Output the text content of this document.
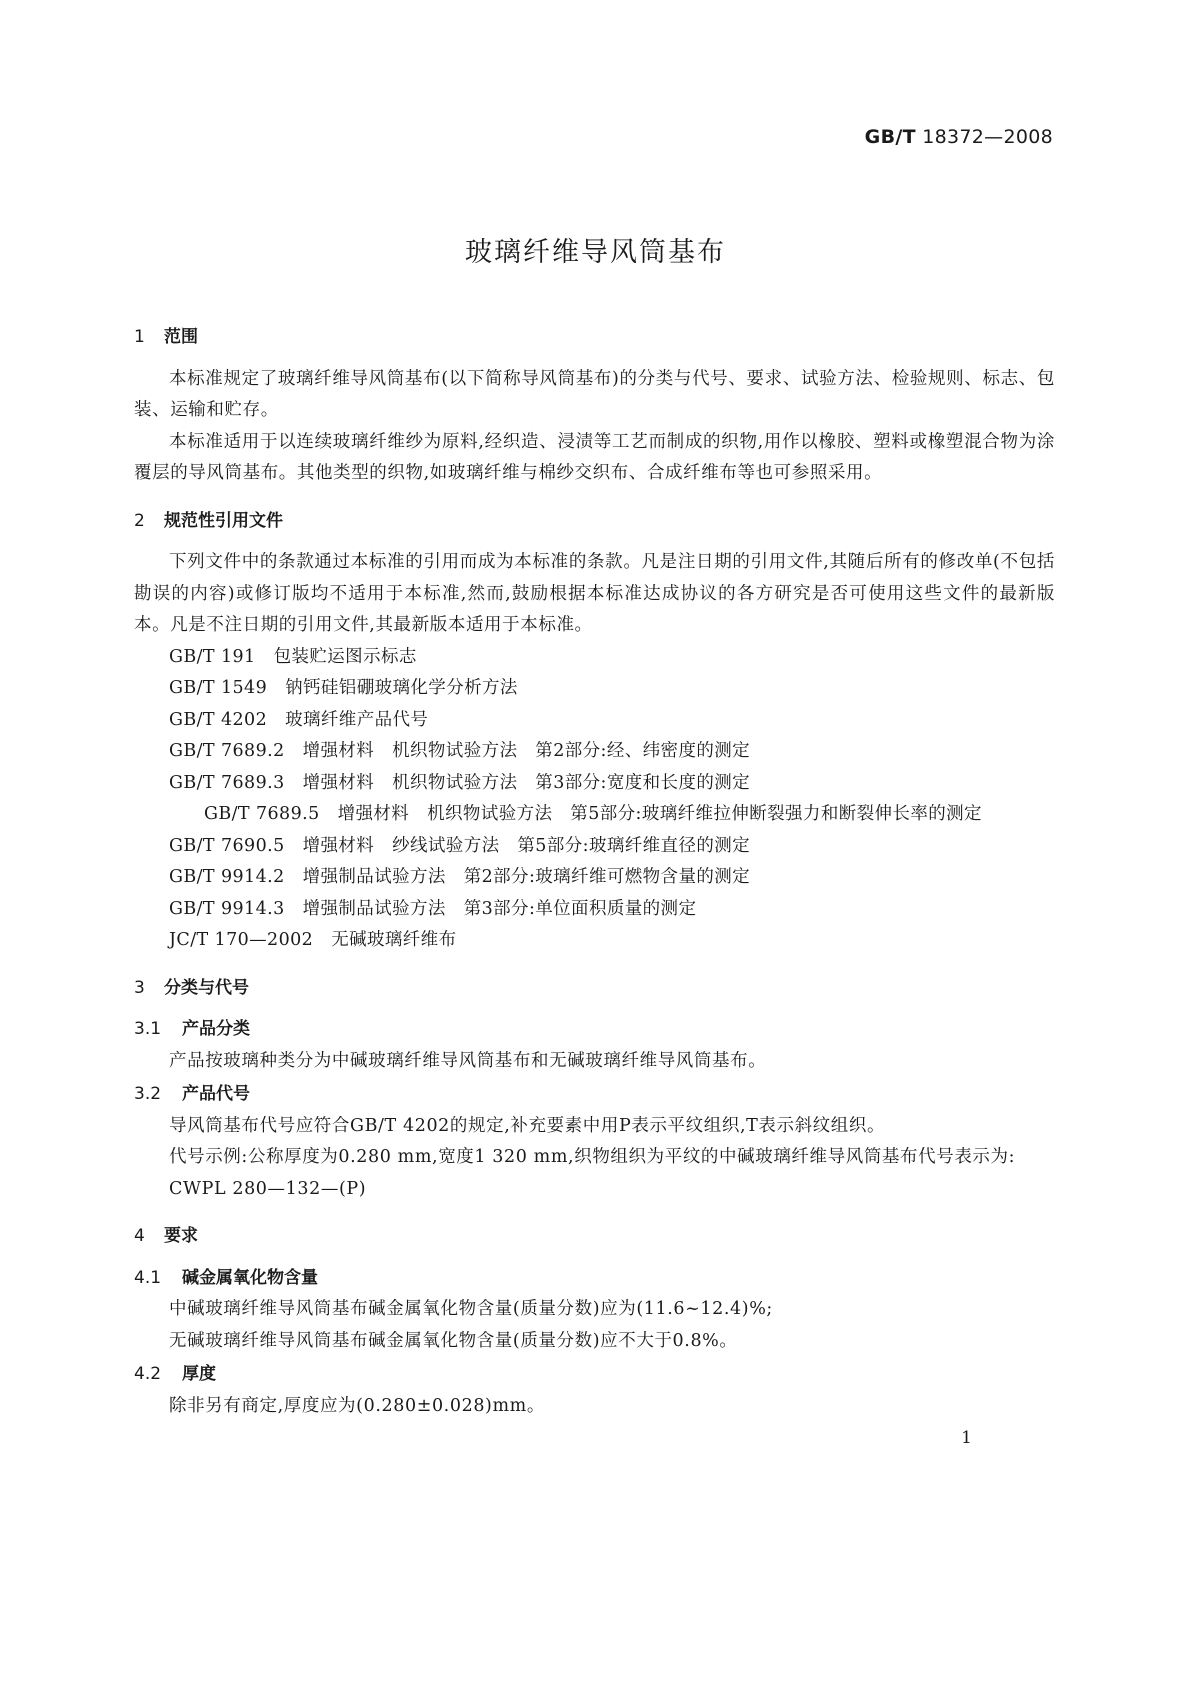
GB/T 18372—2008
玻璃纤维导风筒基布
1 范围
本标准规定了玻璃纤维导风筒基布(以下简称导风筒基布)的分类与代号、要求、试验方法、检验规则、标志、包装、运输和贮存。
本标准适用于以连续玻璃纤维纱为原料,经织造、浸渍等工艺而制成的织物,用作以橡胶、塑料或橡塑混合物为涂覆层的导风筒基布。其他类型的织物,如玻璃纤维与棉纱交织布、合成纤维布等也可参照采用。
2 规范性引用文件
下列文件中的条款通过本标准的引用而成为本标准的条款。凡是注日期的引用文件,其随后所有的修改单(不包括勘误的内容)或修订版均不适用于本标准,然而,鼓励根据本标准达成协议的各方研究是否可使用这些文件的最新版本。凡是不注日期的引用文件,其最新版本适用于本标准。
GB/T 191 包装贮运图示标志
GB/T 1549 钠钙硅铝硼玻璃化学分析方法
GB/T 4202 玻璃纤维产品代号
GB/T 7689.2 增强材料　机织物试验方法　第2部分:经、纬密度的测定
GB/T 7689.3 增强材料　机织物试验方法　第3部分:宽度和长度的测定
GB/T 7689.5 增强材料　机织物试验方法　第5部分:玻璃纤维拉伸断裂强力和断裂伸长率的测定
GB/T 7690.5 增强材料　纱线试验方法　第5部分:玻璃纤维直径的测定
GB/T 9914.2 增强制品试验方法　第2部分:玻璃纤维可燃物含量的测定
GB/T 9914.3 增强制品试验方法　第3部分:单位面积质量的测定
JC/T 170—2002 无碱玻璃纤维布
3 分类与代号
3.1 产品分类
产品按玻璃种类分为中碱玻璃纤维导风筒基布和无碱玻璃纤维导风筒基布。
3.2 产品代号
导风筒基布代号应符合GB/T 4202的规定,补充要素中用P表示平纹组织,T表示斜纹组织。
代号示例:公称厚度为0.280 mm,宽度1 320 mm,织物组织为平纹的中碱玻璃纤维导风筒基布代号表示为:
CWPL 280—132—(P)
4 要求
4.1 碱金属氧化物含量
中碱玻璃纤维导风筒基布碱金属氧化物含量(质量分数)应为(11.6~12.4)%;
无碱玻璃纤维导风筒基布碱金属氧化物含量(质量分数)应不大于0.8%。
4.2 厚度
除非另有商定,厚度应为(0.280±0.028)mm。
1
